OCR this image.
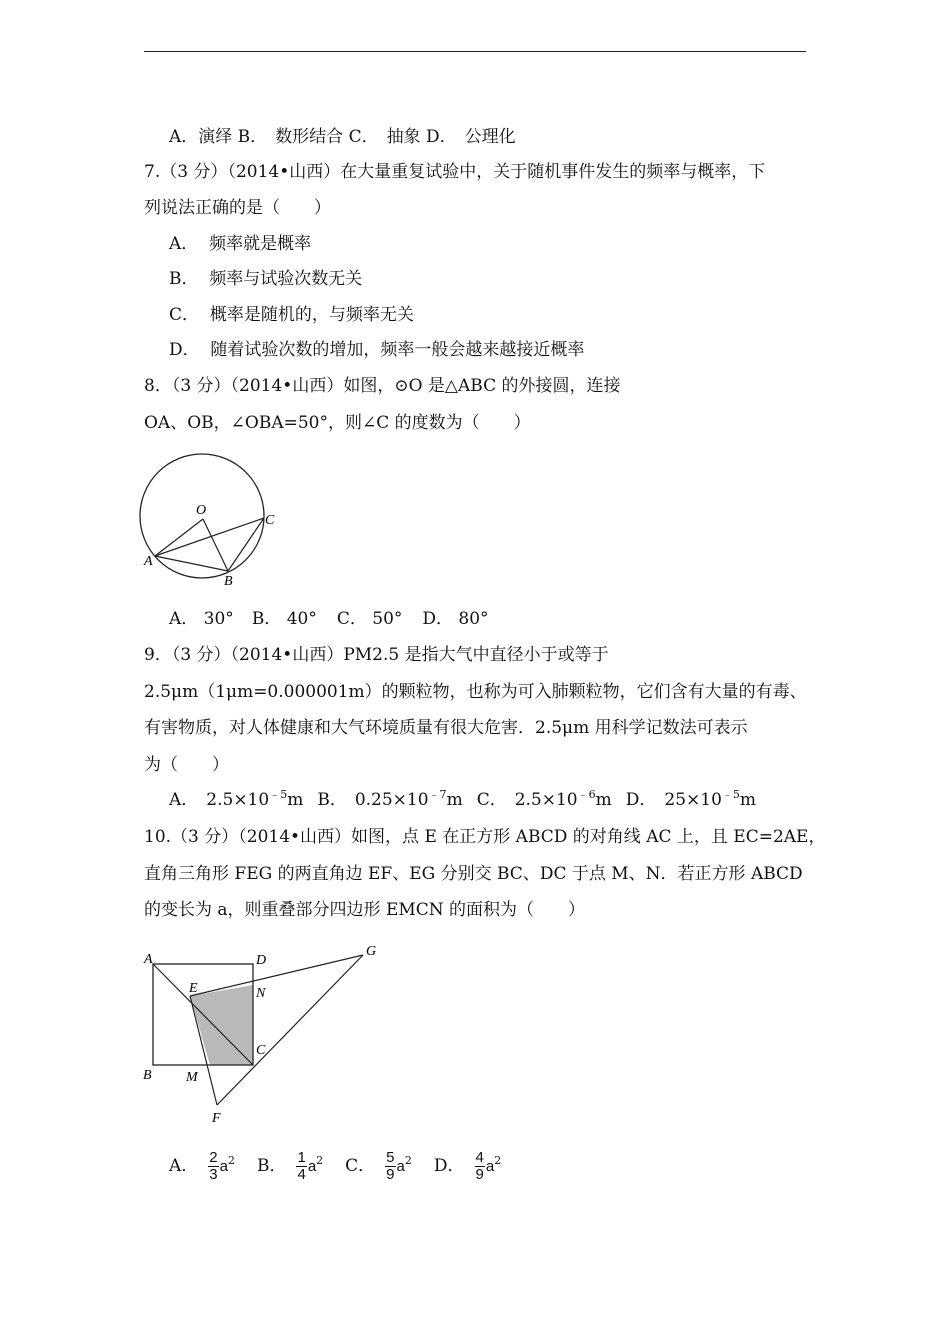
A．演绎 B． 数形结合 C． 抽象 D． 公理化
7.（3 分）（2014•山西）在大量重复试验中，关于随机事件发生的频率与概率，下
列说法正确的是（　　）
A．  频率就是概率
B．  频率与试验次数无关
C．  概率是随机的，与频率无关
D．  随着试验次数的增加，频率一般会越来越接近概率
8．（3 分）（2014•山西）如图，⊙O 是△ABC 的外接圆，连接
OA、OB，∠OBA=50°，则∠C 的度数为（　　）
O
A
B
C
A． 30° B． 40° C． 50° D． 80°
9．（3 分）（2014•山西）PM2.5 是指大气中直径小于或等于
2.5μm（1μm=0.000001m）的颗粒物，也称为可入肺颗粒物，它们含有大量的有毒、
有害物质，对人体健康和大气环境质量有很大危害．2.5μm 用科学记数法可表示
为（　　）
A． $2.5\times 10^{﹣5}m$ B． $0.25\times 10^{﹣7}m$ C． $2.5\times 10^{﹣6}m$ D． $25\times 10^{﹣5}m$
10.（3 分）（2014•山西）如图，点 E 在正方形 ABCD 的对角线 AC 上，且 EC=2AE，
直角三角形 FEG 的两直角边 EF、EG 分别交 BC、DC 于点 M、N．若正方形 ABCD
的变长为 a，则重叠部分四边形 EMCN 的面积为（　　）
A	D
G
E	N
C
B M
F
A． $\frac{2}{3} a^2$ B． $\frac{1}{4} a^2$ C． $\frac{5}{9} a^2$ D． $\frac{4}{9} a^2$
